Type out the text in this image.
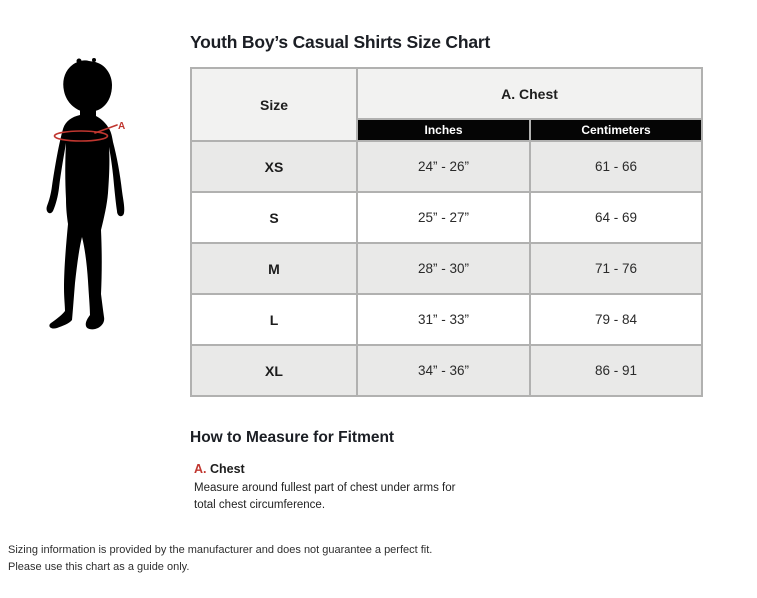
Youth Boy’s Casual Shirts Size Chart
A
Size	A. Chest	
	Inches	Centimeters
XS	24” - 26”	61 - 66
S	25” - 27”	64 - 69
M	28” - 30”	71 - 76
L	31” - 33”	79 - 84
XL	34” - 36”	86 - 91
How to Measure for Fitment
A. Chest
Measure around fullest part of chest under arms for total chest circumference.
Sizing information is provided by the manufacturer and does not guarantee a perfect fit.
Please use this chart as a guide only.
